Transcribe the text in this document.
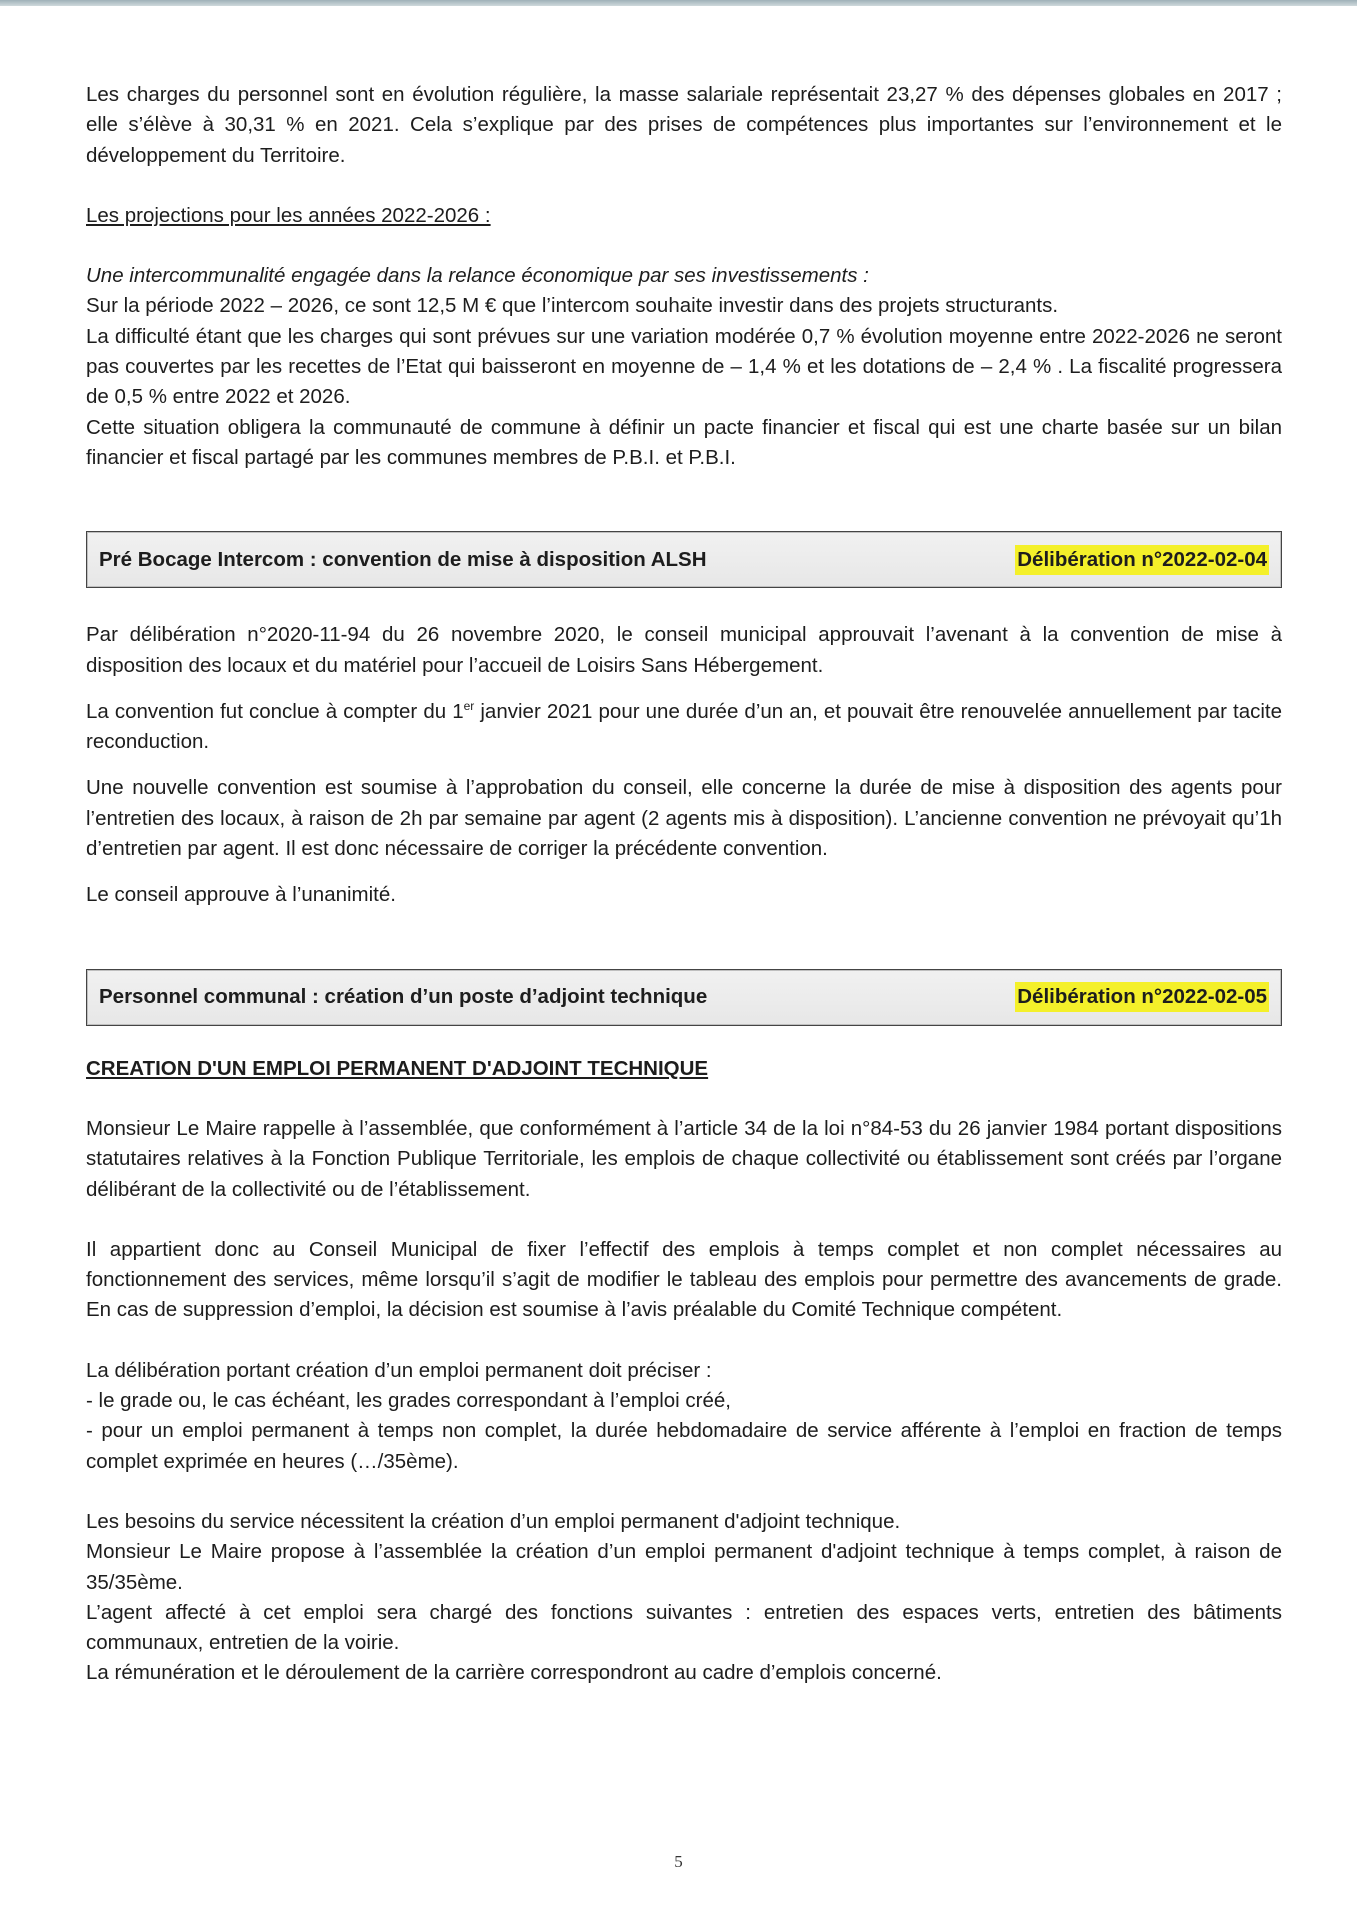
Les charges du personnel sont en évolution régulière, la masse salariale représentait 23,27 % des dépenses globales en 2017 ; elle s’élève à 30,31 % en 2021. Cela s’explique par des prises de compétences plus importantes sur l’environnement et le développement du Territoire.

Les projections pour les années 2022-2026 :

Une intercommunalité engagée dans la relance économique par ses investissements :

Sur la période 2022 – 2026, ce sont 12,5 M € que l’intercom souhaite investir dans des projets structurants.

La difficulté étant que les charges qui sont prévues sur une variation modérée 0,7 % évolution moyenne entre 2022-2026 ne seront pas couvertes par les recettes de l’Etat qui baisseront en moyenne de – 1,4 % et les dotations de – 2,4 % . La fiscalité progressera de 0,5 % entre 2022 et 2026.

Cette situation obligera la communauté de commune à définir un pacte financier et fiscal qui est une charte basée sur un bilan financier et fiscal partagé par les communes membres de P.B.I. et P.B.I.

Pré Bocage Intercom : convention de mise à disposition ALSH	Délibération n°2022-02-04

Par délibération n°2020-11-94 du 26 novembre 2020, le conseil municipal approuvait l’avenant à la convention de mise à disposition des locaux et du matériel pour l’accueil de Loisirs Sans Hébergement.

La convention fut conclue à compter du 1er janvier 2021 pour une durée d’un an, et pouvait être renouvelée annuellement par tacite reconduction.

Une nouvelle convention est soumise à l’approbation du conseil, elle concerne la durée de mise à disposition des agents pour l’entretien des locaux, à raison de 2h par semaine par agent (2 agents mis à disposition). L’ancienne convention ne prévoyait qu’1h d’entretien par agent. Il est donc nécessaire de corriger la précédente convention.

Le conseil approuve à l’unanimité.

Personnel communal : création d’un poste d’adjoint technique	Délibération n°2022-02-05

CREATION D'UN EMPLOI PERMANENT D'ADJOINT TECHNIQUE

Monsieur Le Maire rappelle à l’assemblée, que conformément à l’article 34 de la loi n°84-53 du 26 janvier 1984 portant dispositions statutaires relatives à la Fonction Publique Territoriale, les emplois de chaque collectivité ou établissement sont créés par l’organe délibérant de la collectivité ou de l’établissement.

Il appartient donc au Conseil Municipal de fixer l’effectif des emplois à temps complet et non complet nécessaires au fonctionnement des services, même lorsqu’il s’agit de modifier le tableau des emplois pour permettre des avancements de grade. En cas de suppression d’emploi, la décision est soumise à l’avis préalable du Comité Technique compétent.

La délibération portant création d’un emploi permanent doit préciser :

- le grade ou, le cas échéant, les grades correspondant à l’emploi créé,

- pour un emploi permanent à temps non complet, la durée hebdomadaire de service afférente à l’emploi en fraction de temps complet exprimée en heures (…/35ème).

Les besoins du service nécessitent la création d’un emploi permanent d'adjoint technique.

Monsieur Le Maire propose à l’assemblée la création d’un emploi permanent d'adjoint technique à temps complet, à raison de 35/35ème.

L’agent affecté à cet emploi sera chargé des fonctions suivantes : entretien des espaces verts, entretien des bâtiments communaux, entretien de la voirie.

La rémunération et le déroulement de la carrière correspondront au cadre d’emplois concerné.

5
